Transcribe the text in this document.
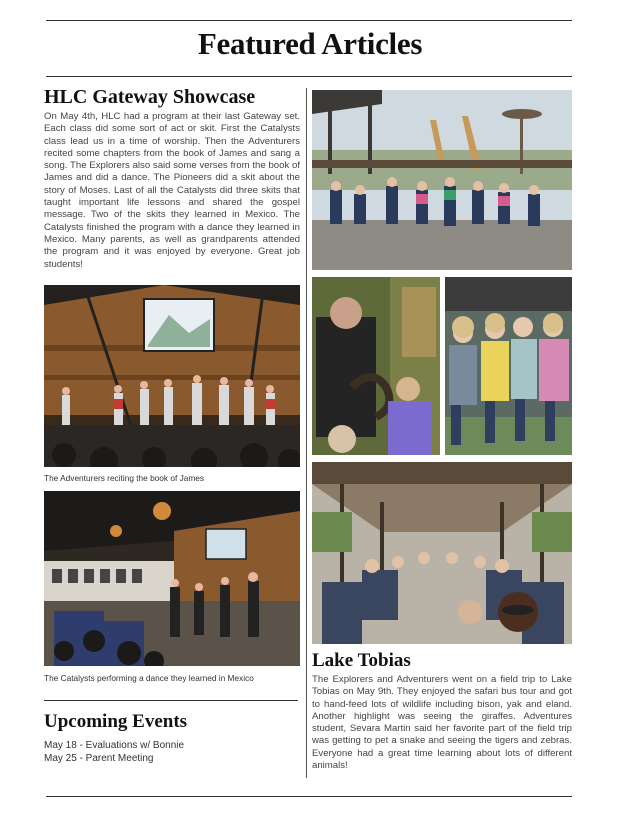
Featured Articles
HLC Gateway Showcase
On May 4th, HLC had a program at their last Gateway set. Each class did some sort of act or skit. First the Catalysts class lead us in a time of worship. Then the Adventurers recited some chapters from the book of James and sang a song. The Explorers also said some verses from the book of James and did a dance. The Pioneers did a skit about the story of Moses. Last of all the Catalysts did three skits that taught important life lessons and shared the gospel message. Two of the skits they learned in Mexico. The Catalysts finished the program with a dance they learned in Mexico. Many parents, as well as grandparents attended the program and it was enjoyed by everyone. Great job students!
The Adventurers reciting the book of James
The Catalysts performing a dance they learned in Mexico
Upcoming Events
May 18 - Evaluations w/ Bonnie
May 25 - Parent Meeting
Lake Tobias
The Explorers and Adventurers went on a field trip to Lake Tobias on May 9th. They enjoyed the safari bus tour and got to hand-feed lots of wildlife including bison, yak and eland. Another highlight was seeing the giraffes. Adventures student, Sevara Martin said her favorite part of the field trip was getting to pet a snake and seeing the tigers and zebras. Everyone had a great time learning about lots of different animals!
